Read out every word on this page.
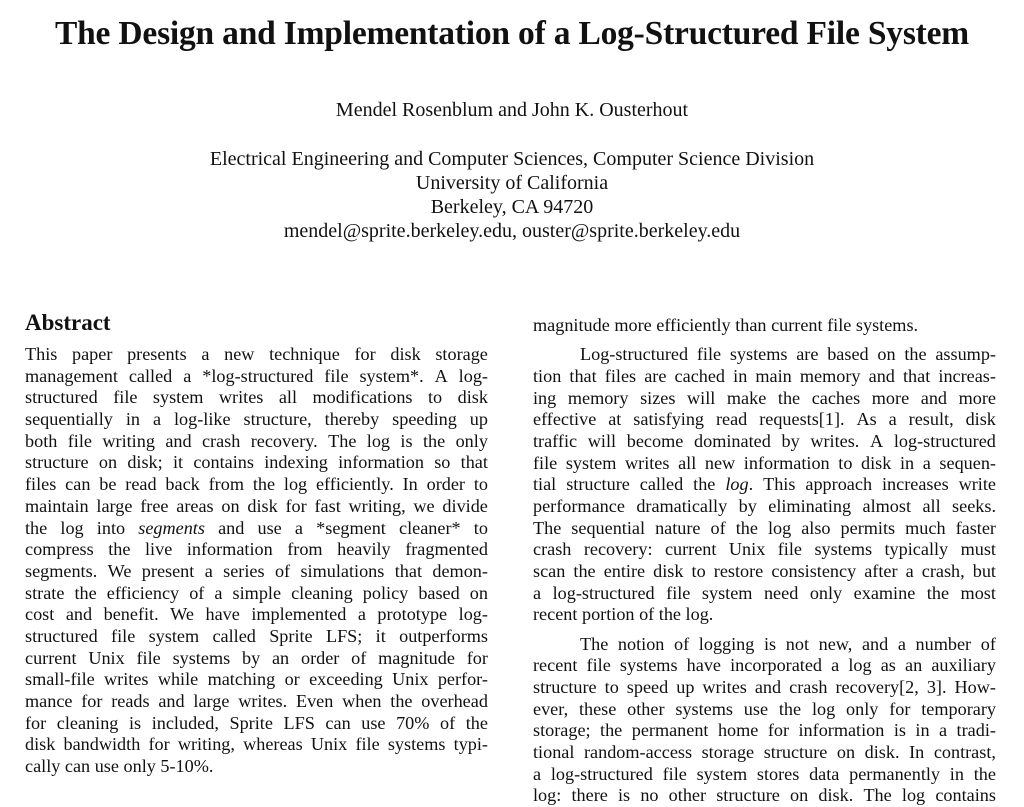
The Design and Implementation of a Log-Structured File System
Mendel Rosenblum and John K. Ousterhout
Electrical Engineering and Computer Sciences, Computer Science Division
University of California
Berkeley, CA 94720
mendel@sprite.berkeley.edu, ouster@sprite.berkeley.edu
Abstract
This paper presents a new technique for disk storage
management called a *log-structured file system*. A log-
structured file system writes all modifications to disk
sequentially in a log-like structure, thereby speeding up
both file writing and crash recovery. The log is the only
structure on disk; it contains indexing information so that
files can be read back from the log efficiently. In order to
maintain large free areas on disk for fast writing, we divide
the log into segments and use a *segment cleaner* to
compress the live information from heavily fragmented
segments. We present a series of simulations that demon-
strate the efficiency of a simple cleaning policy based on
cost and benefit. We have implemented a prototype log-
structured file system called Sprite LFS; it outperforms
current Unix file systems by an order of magnitude for
small-file writes while matching or exceeding Unix perfor-
mance for reads and large writes. Even when the overhead
for cleaning is included, Sprite LFS can use 70% of the
disk bandwidth for writing, whereas Unix file systems typi-
cally can use only 5-10%.
magnitude more efficiently than current file systems.
Log-structured file systems are based on the assump-
tion that files are cached in main memory and that increas-
ing memory sizes will make the caches more and more
effective at satisfying read requests[1]. As a result, disk
traffic will become dominated by writes. A log-structured
file system writes all new information to disk in a sequen-
tial structure called the log. This approach increases write
performance dramatically by eliminating almost all seeks.
The sequential nature of the log also permits much faster
crash recovery: current Unix file systems typically must
scan the entire disk to restore consistency after a crash, but
a log-structured file system need only examine the most
recent portion of the log.
The notion of logging is not new, and a number of
recent file systems have incorporated a log as an auxiliary
structure to speed up writes and crash recovery[2, 3]. How-
ever, these other systems use the log only for temporary
storage; the permanent home for information is in a tradi-
tional random-access storage structure on disk. In contrast,
a log-structured file system stores data permanently in the
log: there is no other structure on disk. The log contains
